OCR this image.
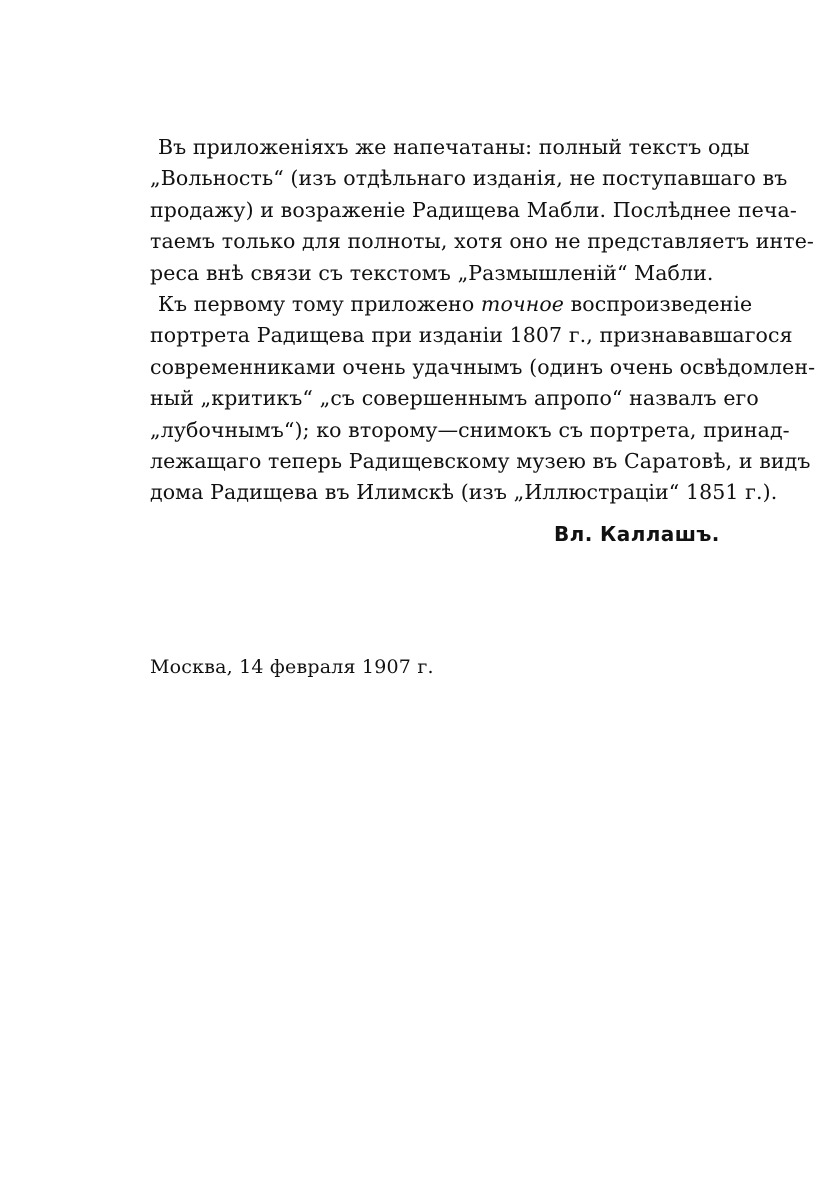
Въ приложеніяхъ же напечатаны: полный текстъ оды
„Вольность“ (изъ отдѣльнаго изданія, не поступавшаго въ
продажу) и возраженіе Радищева Мабли. Послѣднее печа-
таемъ только для полноты, хотя оно не представляетъ инте-
реса внѣ связи съ текстомъ „Размышленій“ Мабли.
Къ первому тому приложено точное воспроизведеніе
портрета Радищева при изданіи 1807 г., признававшагося
современниками очень удачнымъ (одинъ очень освѣдомлен-
ный „критикъ“ „съ совершеннымъ апропо“ назвалъ его
„лубочнымъ“); ко второму—снимокъ съ портрета, принад-
лежащаго теперь Радищевскому музею въ Саратовѣ, и видъ
дома Радищева въ Илимскѣ (изъ „Иллюстраціи“ 1851 г.).
Вл. Каллашъ.
Москва, 14 февраля 1907 г.
